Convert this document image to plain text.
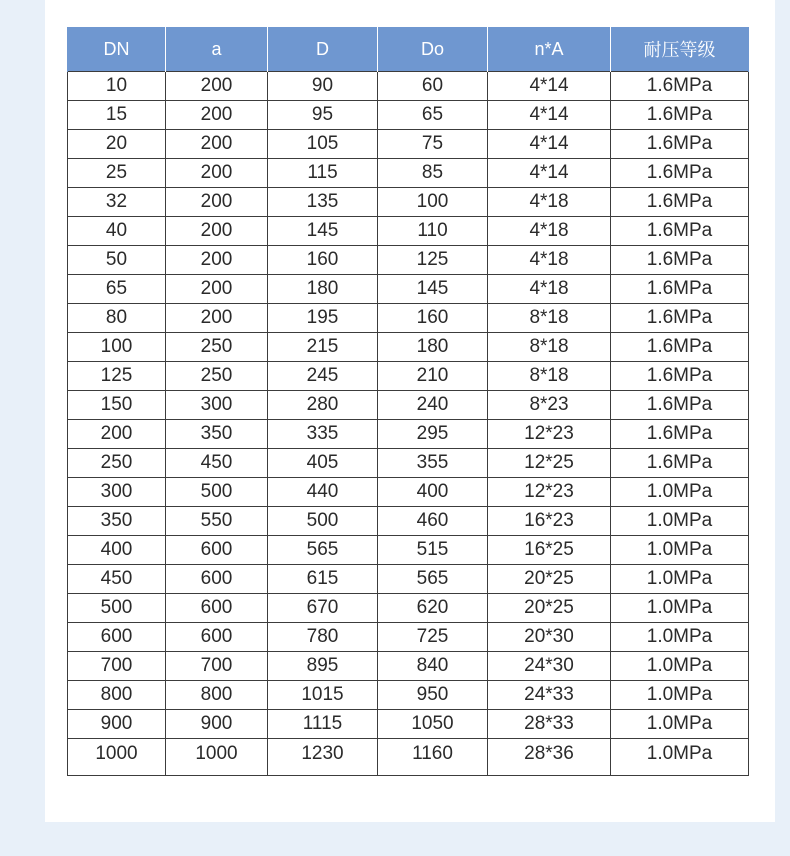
DN	a	D	Do	n*A	耐压等级
10	200	90	60	4*14	1.6MPa
15	200	95	65	4*14	1.6MPa
20	200	105	75	4*14	1.6MPa
25	200	115	85	4*14	1.6MPa
32	200	135	100	4*18	1.6MPa
40	200	145	110	4*18	1.6MPa
50	200	160	125	4*18	1.6MPa
65	200	180	145	4*18	1.6MPa
80	200	195	160	8*18	1.6MPa
100	250	215	180	8*18	1.6MPa
125	250	245	210	8*18	1.6MPa
150	300	280	240	8*23	1.6MPa
200	350	335	295	12*23	1.6MPa
250	450	405	355	12*25	1.6MPa
300	500	440	400	12*23	1.0MPa
350	550	500	460	16*23	1.0MPa
400	600	565	515	16*25	1.0MPa
450	600	615	565	20*25	1.0MPa
500	600	670	620	20*25	1.0MPa
600	600	780	725	20*30	1.0MPa
700	700	895	840	24*30	1.0MPa
800	800	1015	950	24*33	1.0MPa
900	900	1115	1050	28*33	1.0MPa
1000	1000	1230	1160	28*36	1.0MPa
